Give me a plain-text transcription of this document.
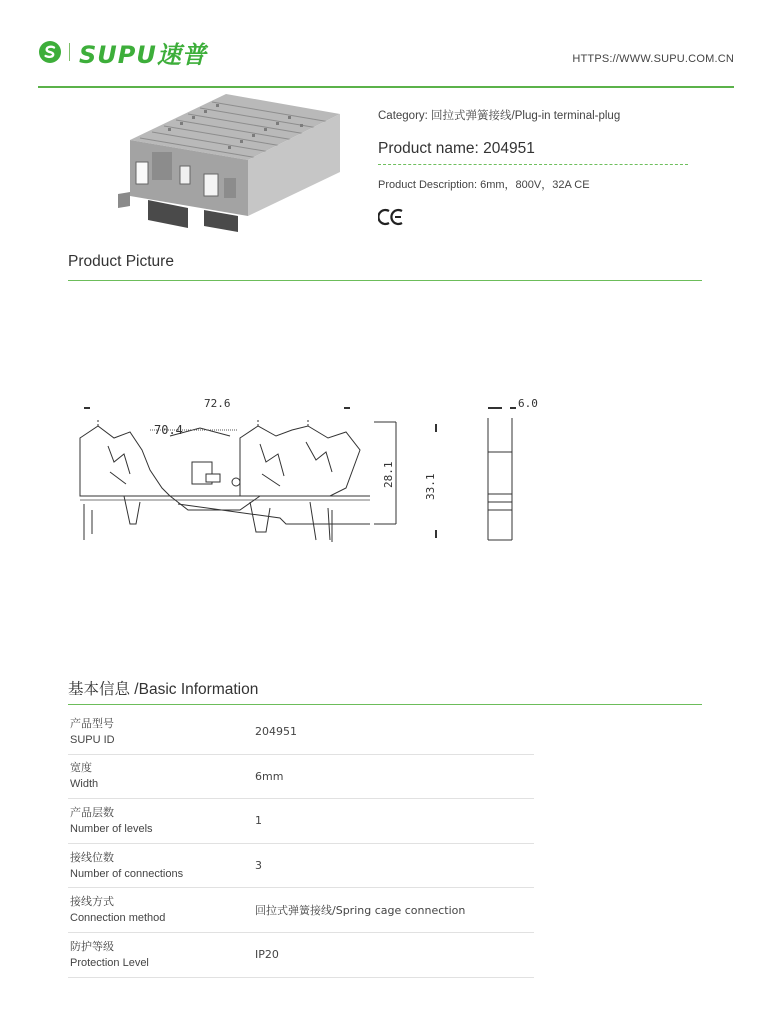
SUPU速普	HTTPS://WWW.SUPU.COM.CN
Category: 回拉式弹簧接线/Plug-in terminal-plug
Product name: 204951
Product Description: 6mm，800V，32A CE
Product Picture
72.6
70.4
6.0
28.1	33.1
基本信息 /Basic Information
产品型号
SUPU ID
204951
宽度
Width
6mm
产品层数
Number of levels
1
接线位数
Number of connections
3
接线方式
Connection method
回拉式弹簧接线/Spring cage connection
防护等级
Protection Level
IP20
